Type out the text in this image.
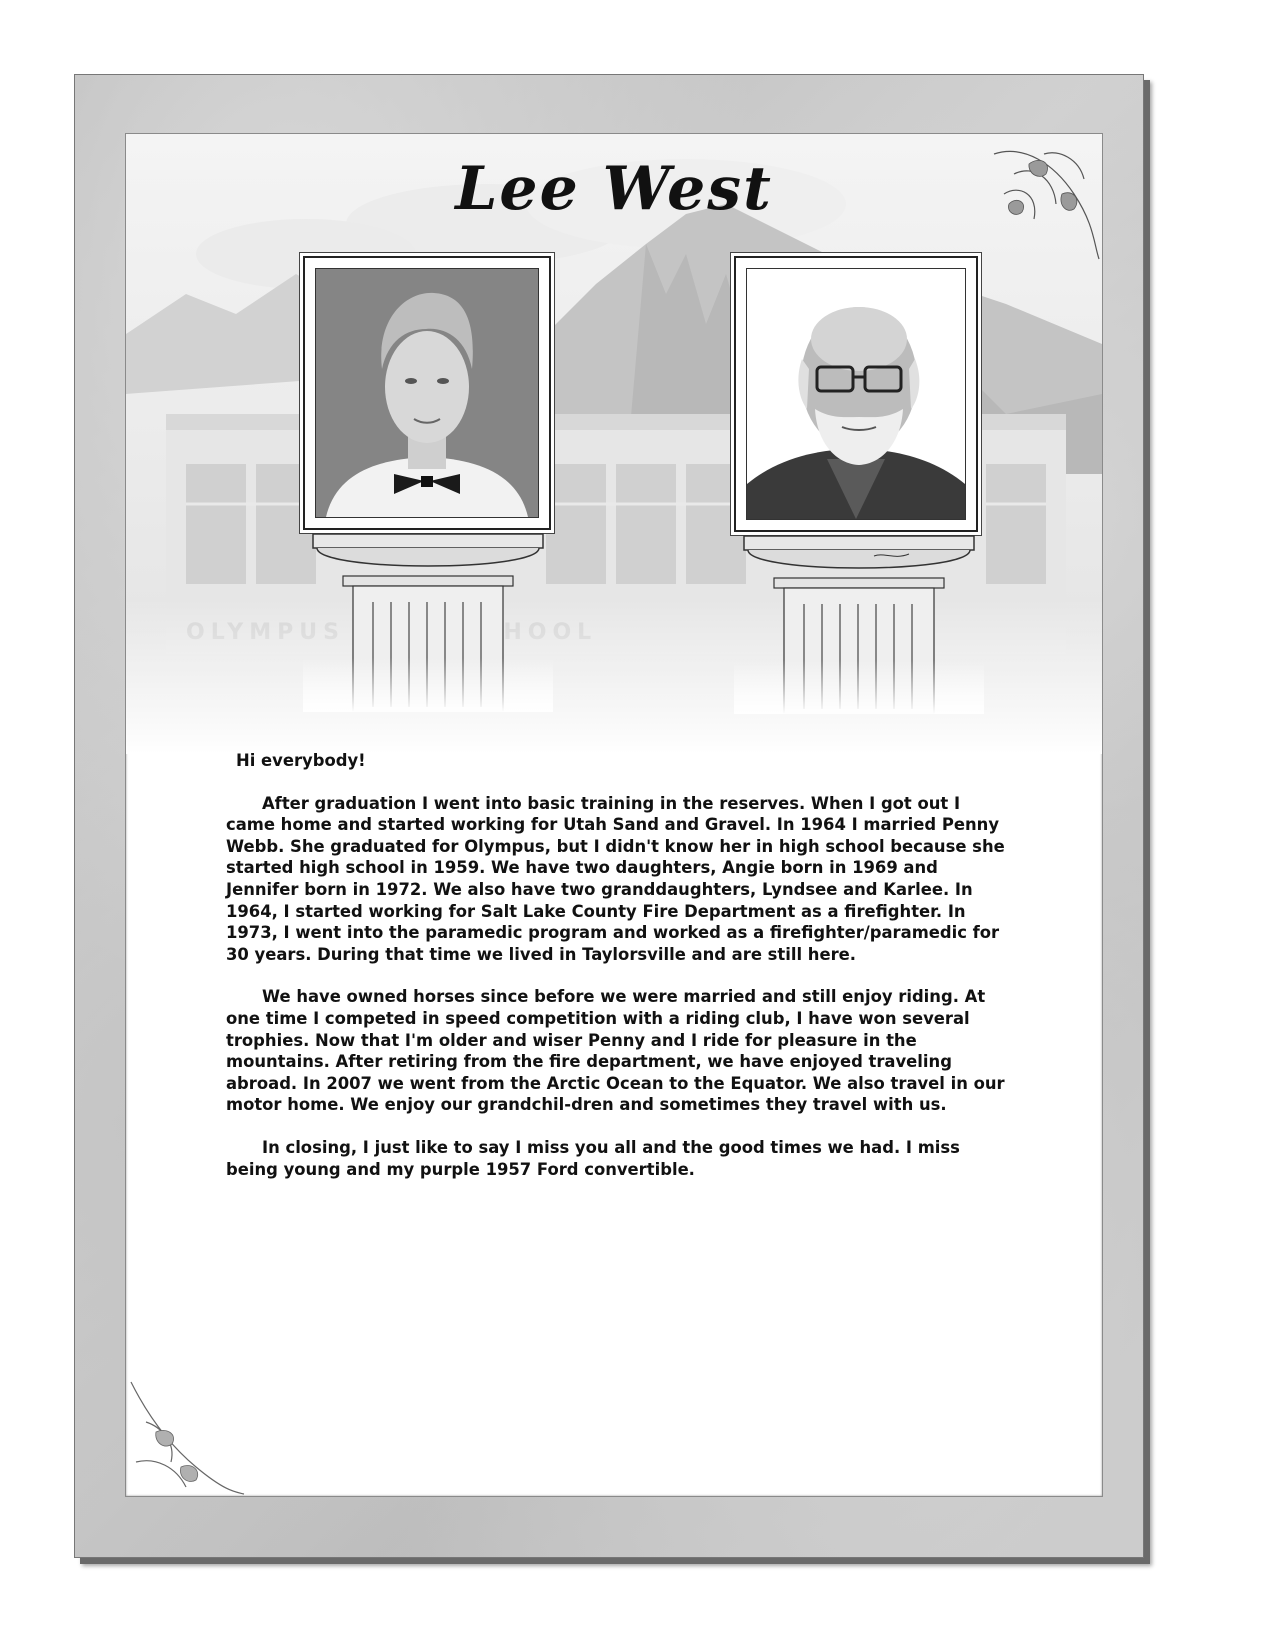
Lee West

Hi everybody!

After graduation I went into basic training in the reserves. When I got out I came home and started working for Utah Sand and Gravel. In 1964 I married Penny Webb. She graduated for Olympus, but I didn't know her in high school because she started high school in 1959. We have two daughters, Angie born in 1969 and Jennifer born in 1972. We also have two granddaughters, Lyndsee and Karlee. In 1964, I started working for Salt Lake County Fire Department as a firefighter. In 1973, I went into the paramedic program and worked as a firefighter/paramedic for 30 years. During that time we lived in Taylorsville and are still here.

We have owned horses since before we were married and still enjoy riding. At one time I competed in speed competition with a riding club, I have won several trophies. Now that I'm older and wiser Penny and I ride for pleasure in the mountains. After retiring from the fire department, we have enjoyed traveling abroad. In 2007 we went from the Arctic Ocean to the Equator. We also travel in our motor home. We enjoy our grandchil-dren and sometimes they travel with us.

In closing, I just like to say I miss you all and the good times we had. I miss being young and my purple 1957 Ford convertible.
